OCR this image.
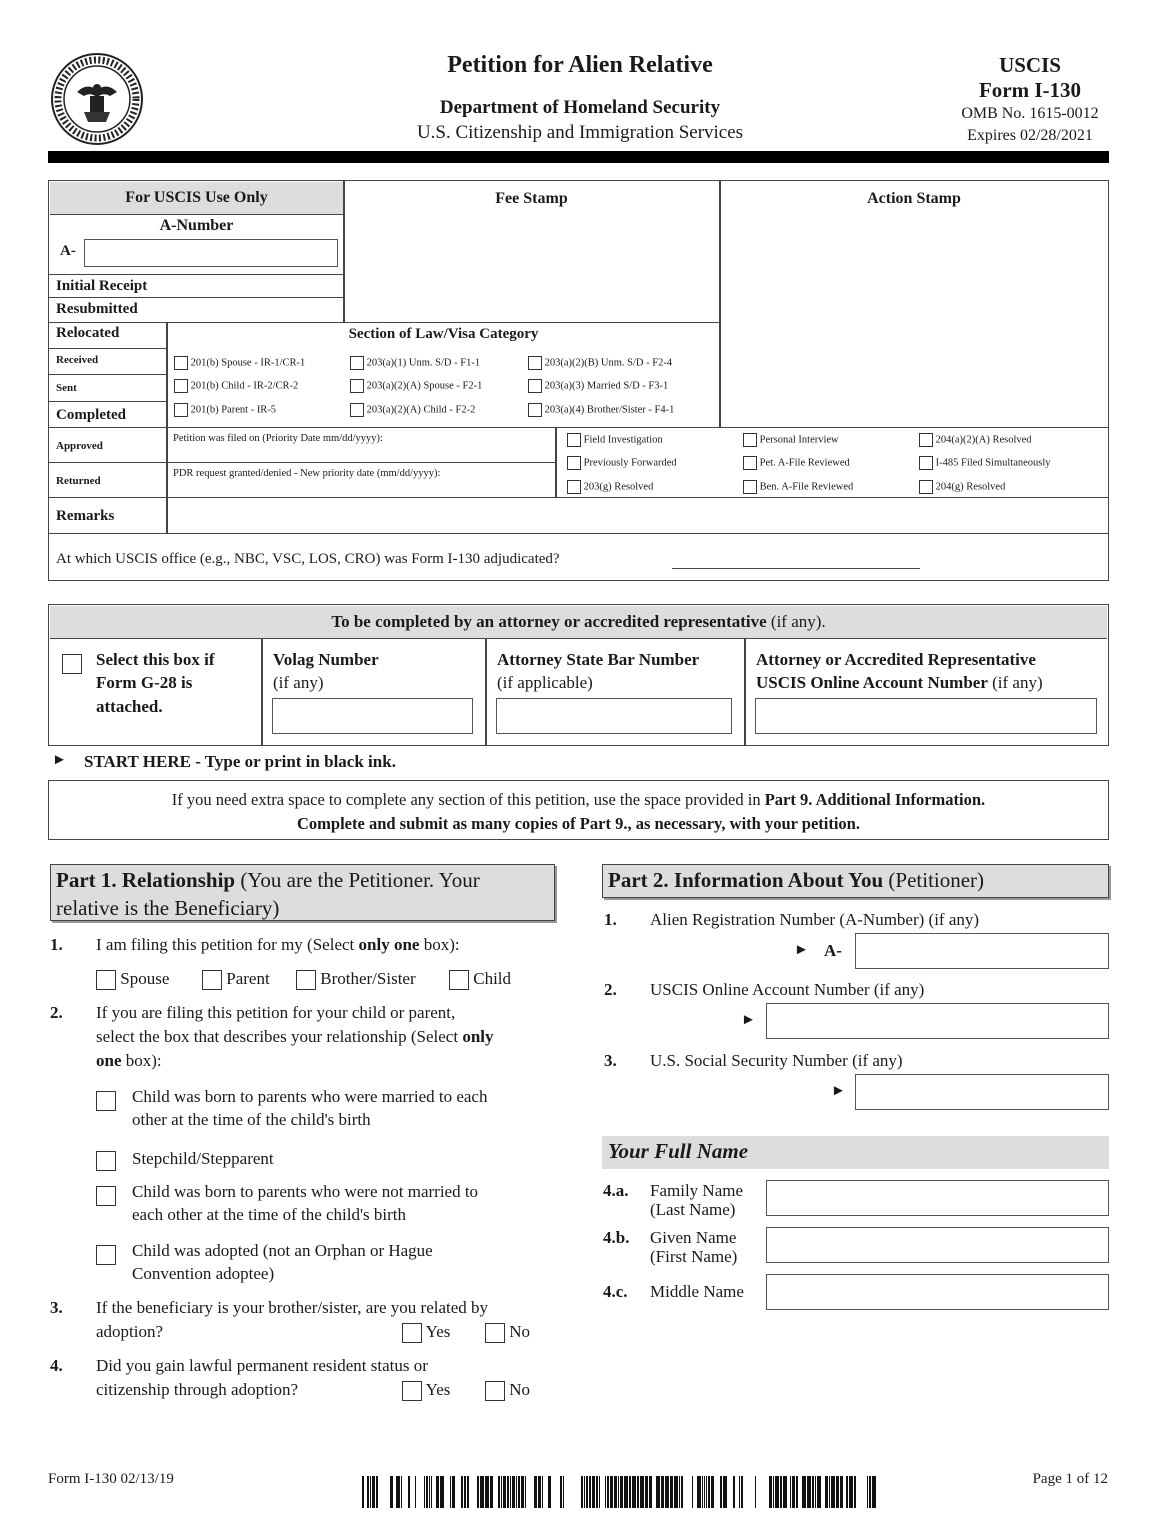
Petition for Alien Relative
Department of Homeland Security
U.S. Citizenship and Immigration Services
USCIS
Form I-130
OMB No. 1615-0012
Expires 02/28/2021
For USCIS Use Only
A-Number
A-
Initial Receipt
Resubmitted
Relocated
Received
Sent
Completed
Approved
Returned
Remarks
Fee Stamp	Action Stamp
Section of Law/Visa Category
201(b) Spouse - IR-1/CR-1	203(a)(1) Unm. S/D - F1-1	203(a)(2)(B) Unm. S/D - F2-4
201(b) Child - IR-2/CR-2	203(a)(2)(A) Spouse - F2-1	203(a)(3) Married S/D - F3-1
201(b) Parent - IR-5	203(a)(2)(A) Child - F2-2	203(a)(4) Brother/Sister - F4-1
Petition was filed on (Priority Date mm/dd/yyyy):
PDR request granted/denied - New priority date (mm/dd/yyyy):
Field Investigation	Personal Interview	204(a)(2)(A) Resolved
Previously Forwarded	Pet. A-File Reviewed	I-485 Filed Simultaneously
203(g) Resolved	Ben. A-File Reviewed	204(g) Resolved
At which USCIS office (e.g., NBC, VSC, LOS, CRO) was Form I-130 adjudicated?
To be completed by an attorney or accredited representative (if any).
Select this box if
Form G-28 is
attached.
Volag Number
(if any)
Attorney State Bar Number
(if applicable)
Attorney or Accredited Representative
USCIS Online Account Number (if any)
► START HERE - Type or print in black ink.
If you need extra space to complete any section of this petition, use the space provided in Part 9. Additional Information.
Complete and submit as many copies of Part 9., as necessary, with your petition.
Part 1. Relationship (You are the Petitioner. Your
relative is the Beneficiary)
1. I am filing this petition for my (Select only one box):
Spouse	Parent	Brother/Sister	Child
2. If you are filing this petition for your child or parent,
select the box that describes your relationship (Select only
one box):
Child was born to parents who were married to each
other at the time of the child's birth
Stepchild/Stepparent
Child was born to parents who were not married to
each other at the time of the child's birth
Child was adopted (not an Orphan or Hague
Convention adoptee)
3. If the beneficiary is your brother/sister, are you related by
adoption?	Yes	No
4. Did you gain lawful permanent resident status or
citizenship through adoption?	Yes	No
Part 2. Information About You (Petitioner)
1. Alien Registration Number (A-Number) (if any)
► A-
2. USCIS Online Account Number (if any)
►
3. U.S. Social Security Number (if any)
►
Your Full Name
4.a. Family Name
(Last Name)
4.b. Given Name
(First Name)
4.c. Middle Name
Form I-130 02/13/19	Page 1 of 12
